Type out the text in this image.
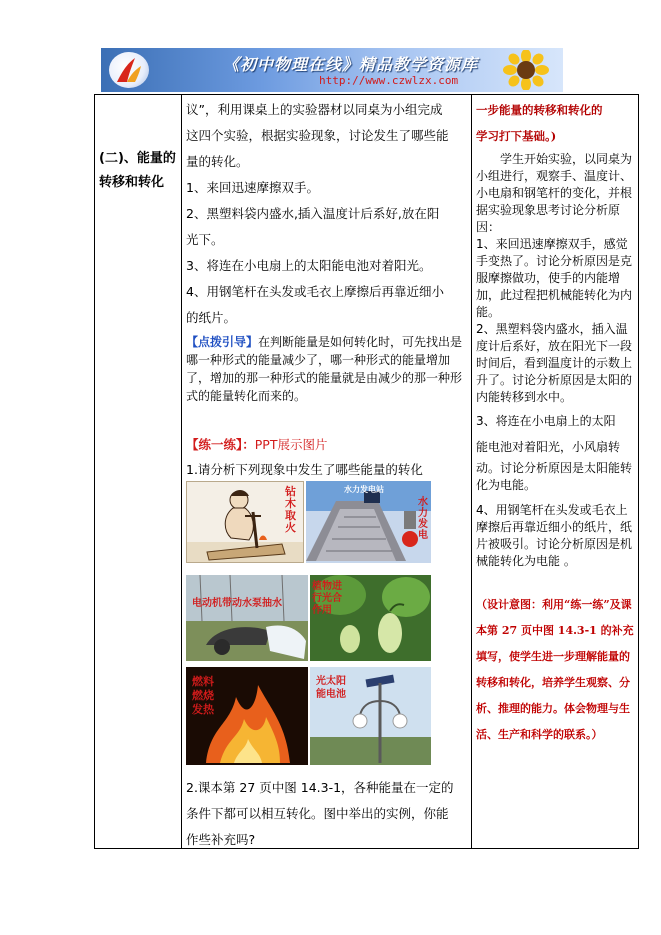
《初中物理在线》精品教学资源库
http://www.czwlzx.com
(二)、能量的
转移和转化

议”，利用课桌上的实验器材以同桌为小组完成

这四个实验，根据实验现象，讨论发生了哪些能

量的转化。

1、来回迅速摩擦双手。

2、黑塑料袋内盛水,插入温度计后系好,放在阳

光下。

3、将连在小电扇上的太阳能电池对着阳光。

4、用钢笔杆在头发或毛衣上摩擦后再靠近细小

的纸片。

【点拨引导】在判断能量是如何转化时，可先找出是哪一种形式的能量减少了，哪一种形式的能量增加了，增加的那一种形式的能量就是由减少的那一种形式的能量转化而来的。

【练一练】：PPT展示图片

1.请分析下列现象中发生了哪些能量的转化

钻木取火
水力发电站
水力发电
电动机带动水泵抽水
植物进行光合作用
燃料燃烧发热
光太阳能电池
2.课本第 27 页中图 14.3-1，各种能量在一定的
条件下都可以相互转化。图中举出的实例，你能
作些补充吗?

一步能量的转移和转化的

学习打下基础。)

学生开始实验，以同桌为小组进行，观察手、温度计、小电扇和钢笔杆的变化，并根据实验现象思考讨论分析原因：

1、来回迅速摩擦双手，感觉手变热了。讨论分析原因是克服摩擦做功，使手的内能增加，此过程把机械能转化为内能。

2、黑塑料袋内盛水，插入温度计后系好，放在阳光下一段时间后，看到温度计的示数上升了。讨论分析原因是太阳的内能转移到水中。

3、将连在小电扇上的太阳
能电池对着阳光，小风扇转

动。讨论分析原因是太阳能转化为电能。

4、用钢笔杆在头发或毛衣上摩擦后再靠近细小的纸片，纸片被吸引。讨论分析原因是机械能转化为电能 。

（设计意图：利用“练一练”及课本第 27 页中图 14.3-1 的补充填写，使学生进一步理解能量的转移和转化，培养学生观察、分析、推理的能力。体会物理与生活、生产和科学的联系。）
